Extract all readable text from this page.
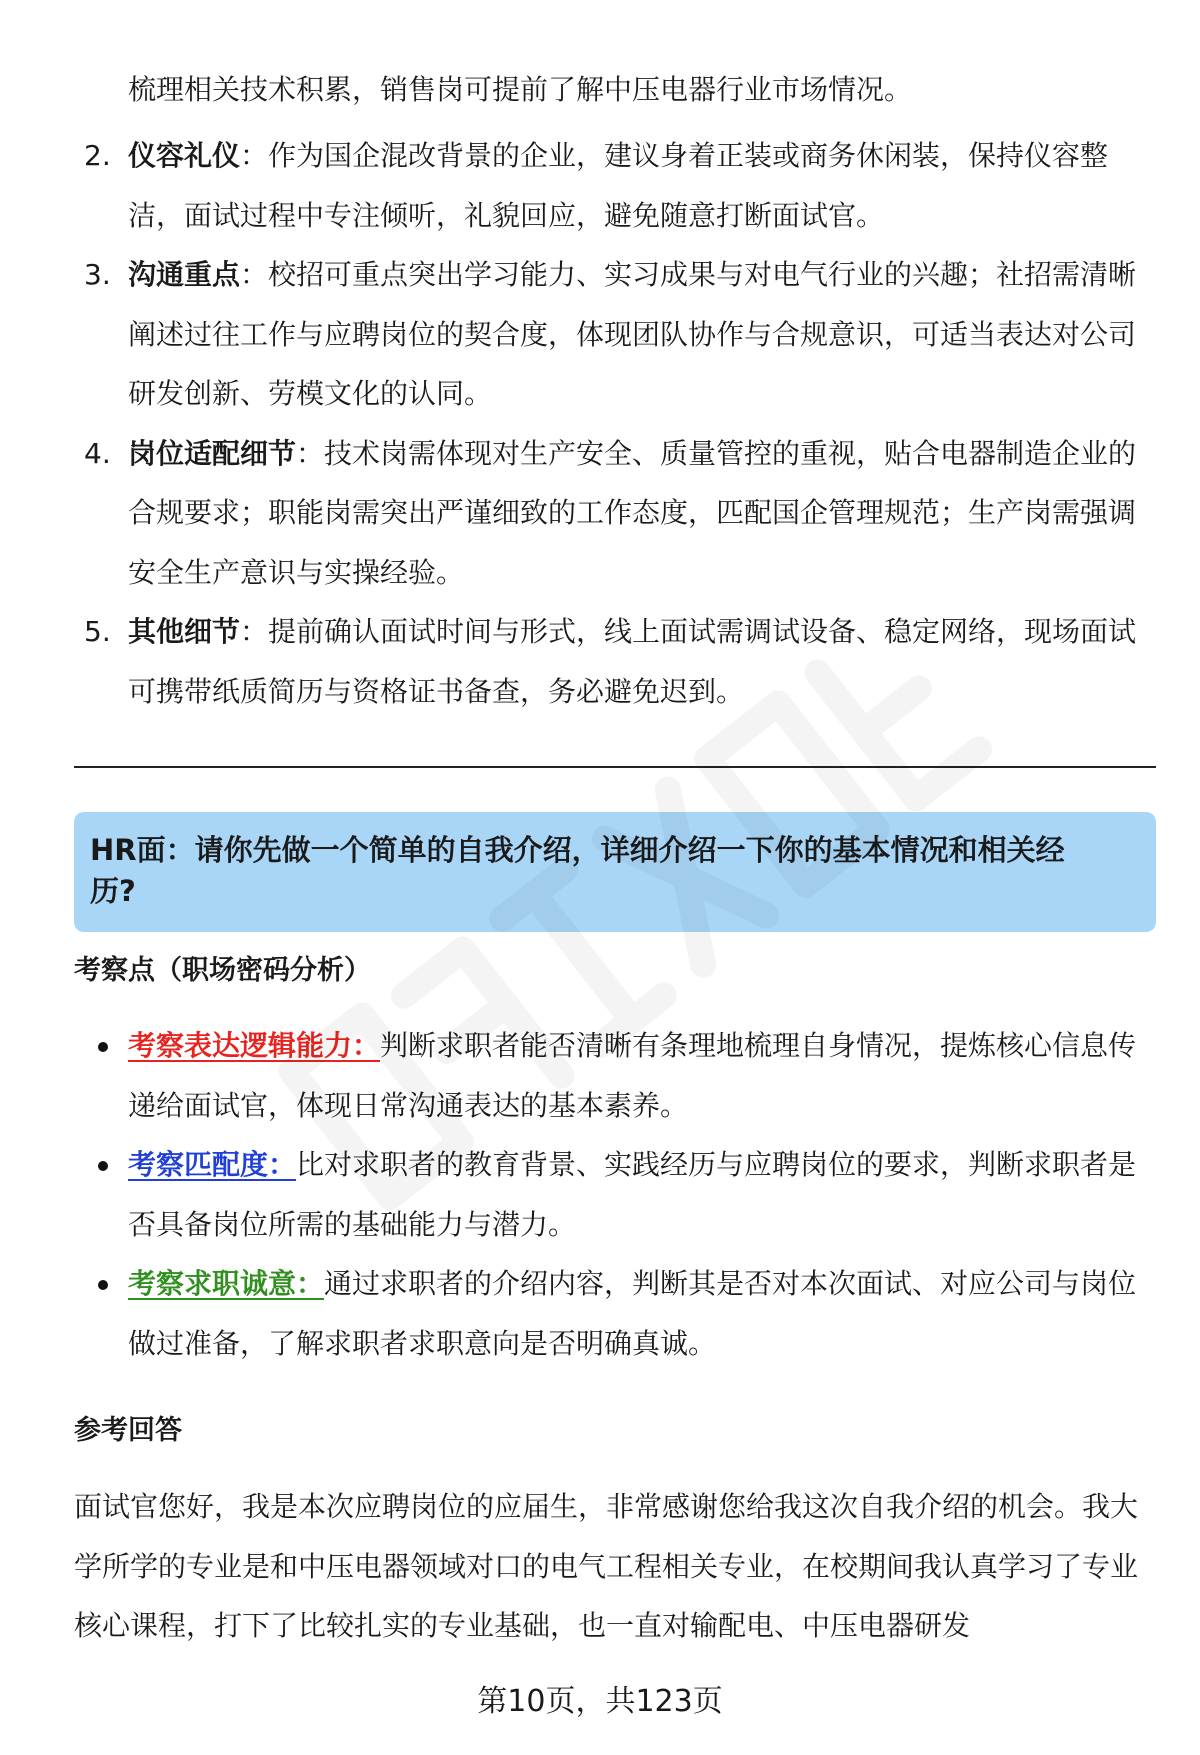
梳理相关技术积累，销售岗可提前了解中压电器行业市场情况。
2. 仪容礼仪：作为国企混改背景的企业，建议身着正装或商务休闲装，保持仪容整洁，面试过程中专注倾听，礼貌回应，避免随意打断面试官。
3. 沟通重点：校招可重点突出学习能力、实习成果与对电气行业的兴趣；社招需清晰阐述过往工作与应聘岗位的契合度，体现团队协作与合规意识，可适当表达对公司研发创新、劳模文化的认同。
4. 岗位适配细节：技术岗需体现对生产安全、质量管控的重视，贴合电器制造企业的合规要求；职能岗需突出严谨细致的工作态度，匹配国企管理规范；生产岗需强调安全生产意识与实操经验。
5. 其他细节：提前确认面试时间与形式，线上面试需调试设备、稳定网络，现场面试可携带纸质简历与资格证书备查，务必避免迟到。
HR面：请你先做一个简单的自我介绍，详细介绍一下你的基本情况和相关经
历?
考察点（职场密码分析）
考察表达逻辑能力：判断求职者能否清晰有条理地梳理自身情况，提炼核心信息传递给面试官，体现日常沟通表达的基本素养。
考察匹配度：比对求职者的教育背景、实践经历与应聘岗位的要求，判断求职者是否具备岗位所需的基础能力与潜力。
考察求职诚意：通过求职者的介绍内容，判断其是否对本次面试、对应公司与岗位做过准备，了解求职者求职意向是否明确真诚。
参考回答
面试官您好，我是本次应聘岗位的应届生，非常感谢您给我这次自我介绍的机会。我大学所学的专业是和中压电器领域对口的电气工程相关专业，在校期间我认真学习了专业核心课程，打下了比较扎实的专业基础，也一直对输配电、中压电器研发
第10页，共123页
